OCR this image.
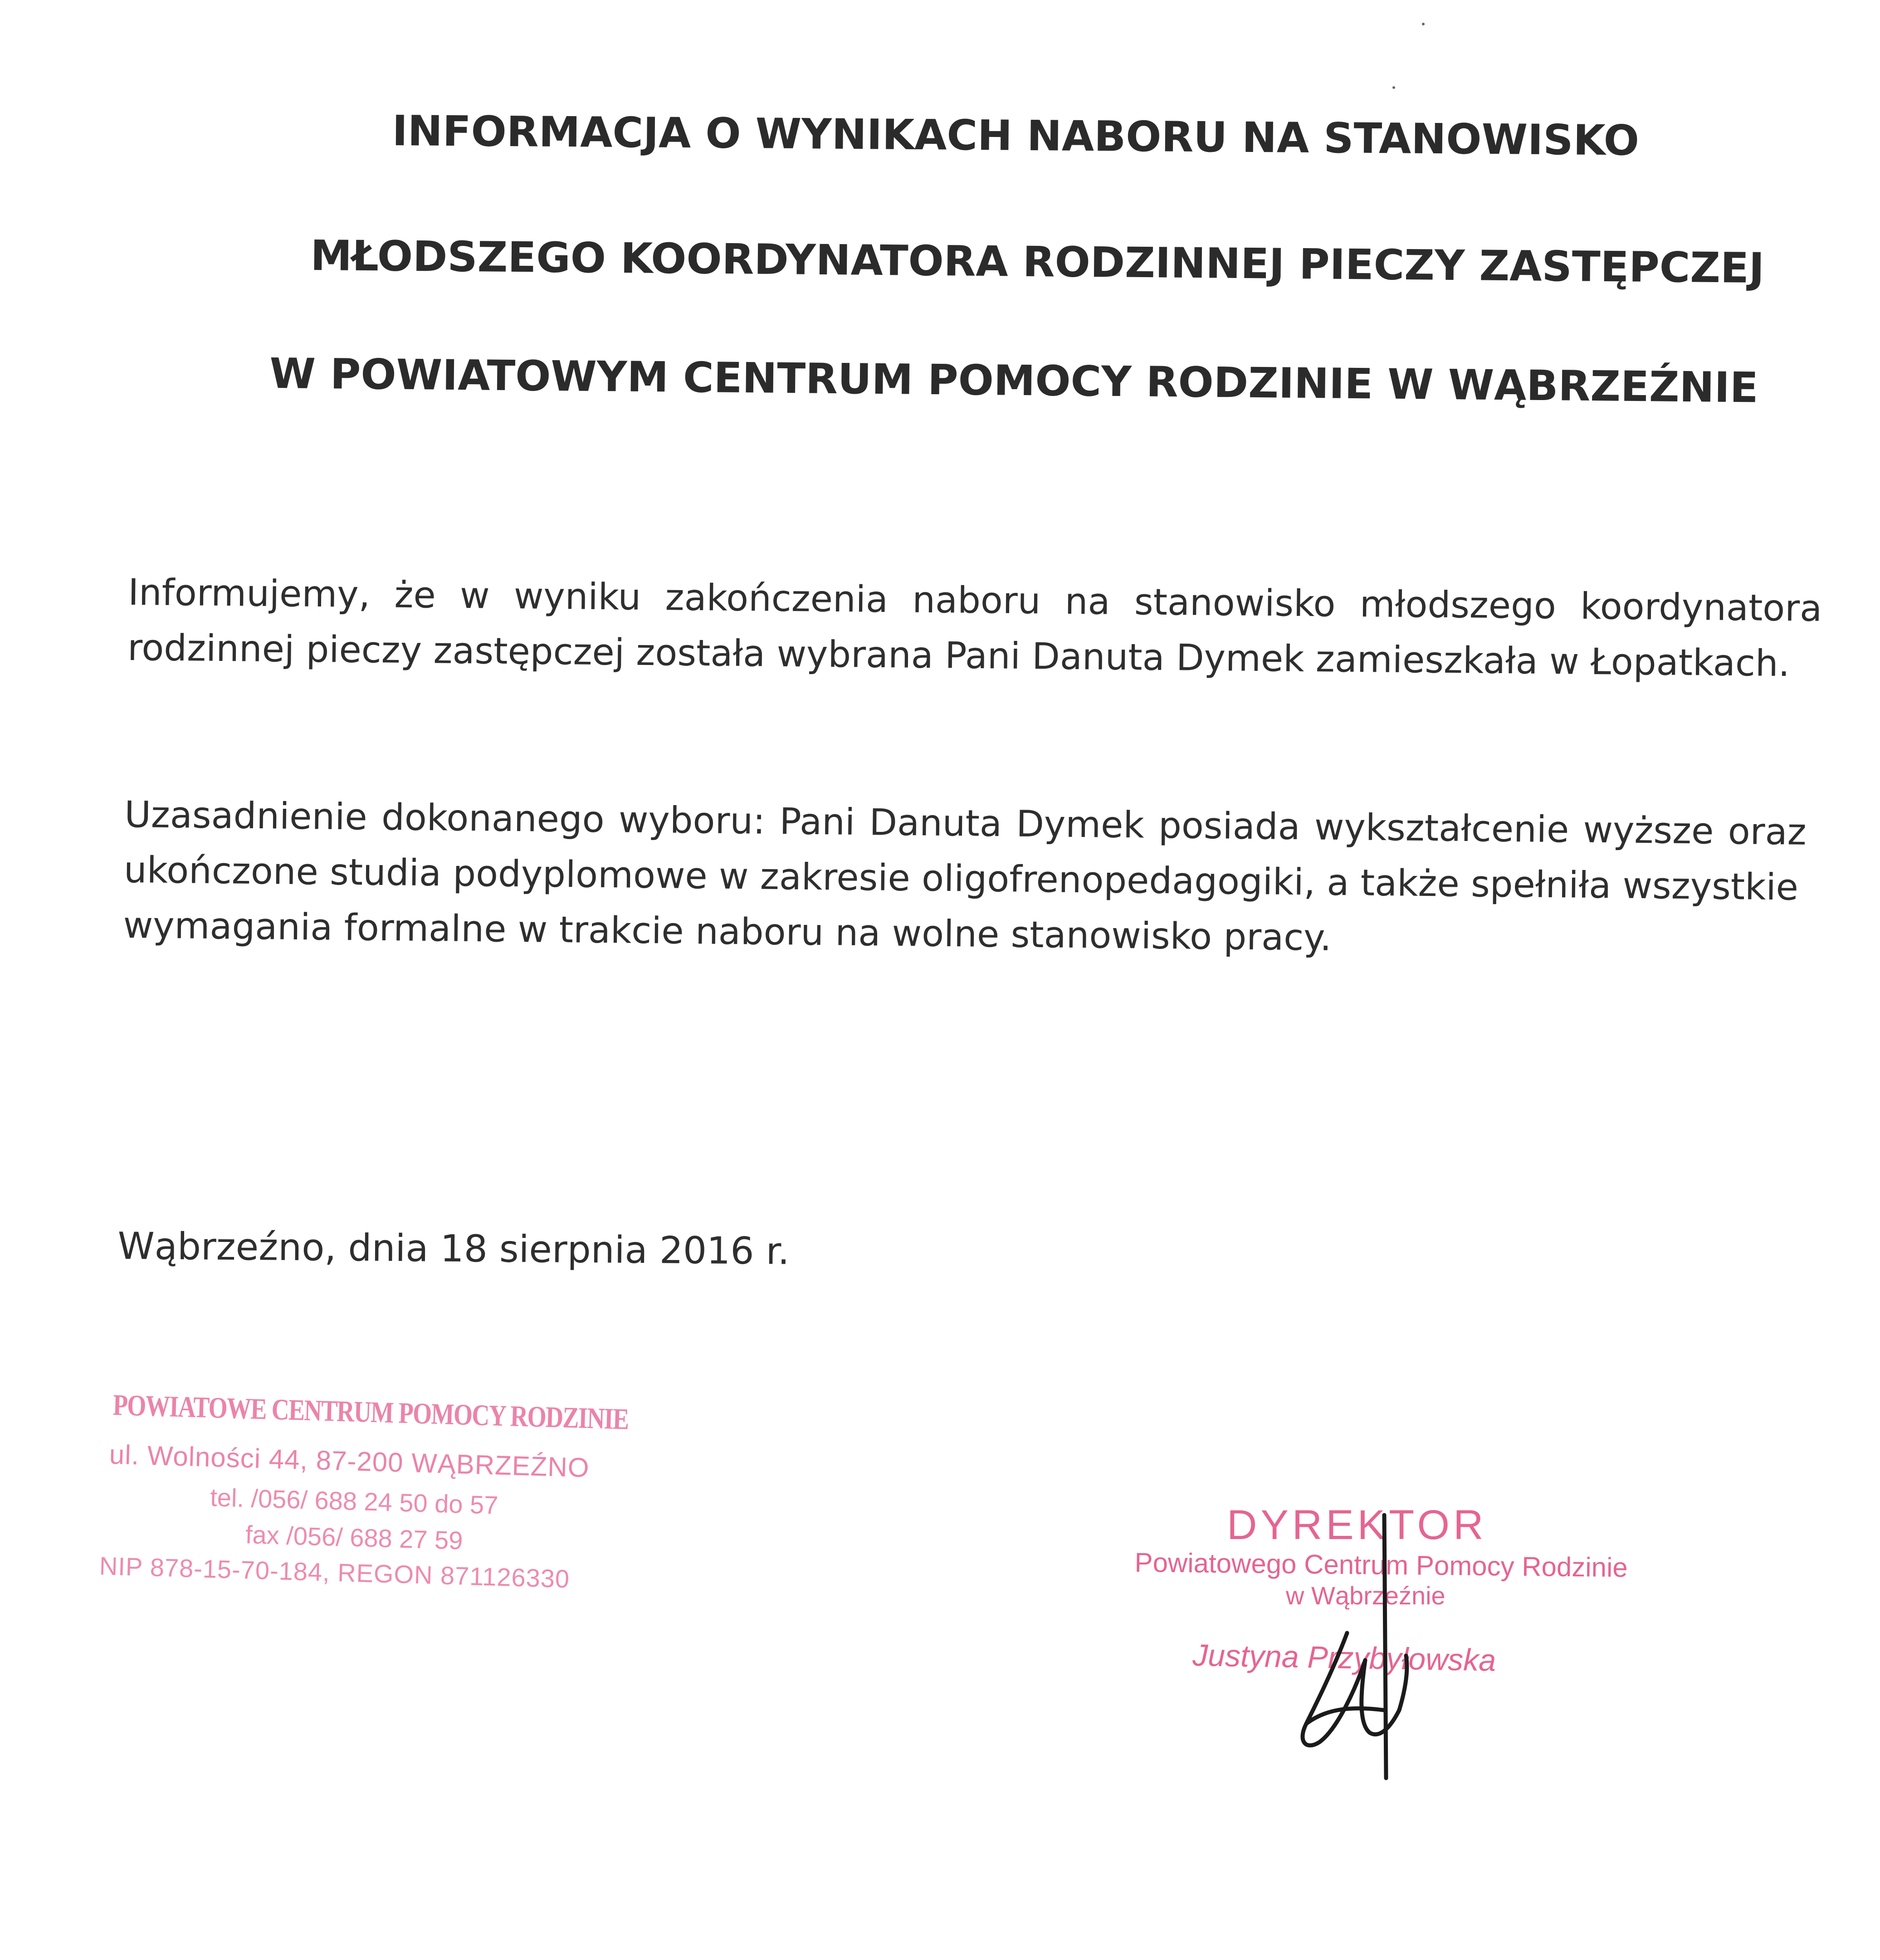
INFORMACJA O WYNIKACH NABORU NA STANOWISKO
MŁODSZEGO KOORDYNATORA RODZINNEJ PIECZY ZASTĘPCZEJ
W POWIATOWYM CENTRUM POMOCY RODZINIE W WĄBRZEŹNIE
Informujemy, że w wyniku zakończenia naboru na stanowisko młodszego koordynatora
rodzinnej pieczy zastępczej została wybrana Pani Danuta Dymek zamieszkała w Łopatkach.
Uzasadnienie dokonanego wyboru: Pani Danuta Dymek posiada wykształcenie wyższe oraz
ukończone studia podyplomowe w zakresie oligofrenopedagogiki, a także spełniła wszystkie
wymagania formalne w trakcie naboru na wolne stanowisko pracy.
Wąbrzeźno, dnia 18 sierpnia 2016 r.
POWIATOWE CENTRUM POMOCY RODZINIE
ul. Wolności 44, 87-200 WĄBRZEŹNO
tel. /056/ 688 24 50 do 57
fax /056/ 688 27 59
NIP 878-15-70-184, REGON 871126330
DYREKTOR
Powiatowego Centrum Pomocy Rodzinie
w Wąbrzeźnie
Justyna Przybyłowska
